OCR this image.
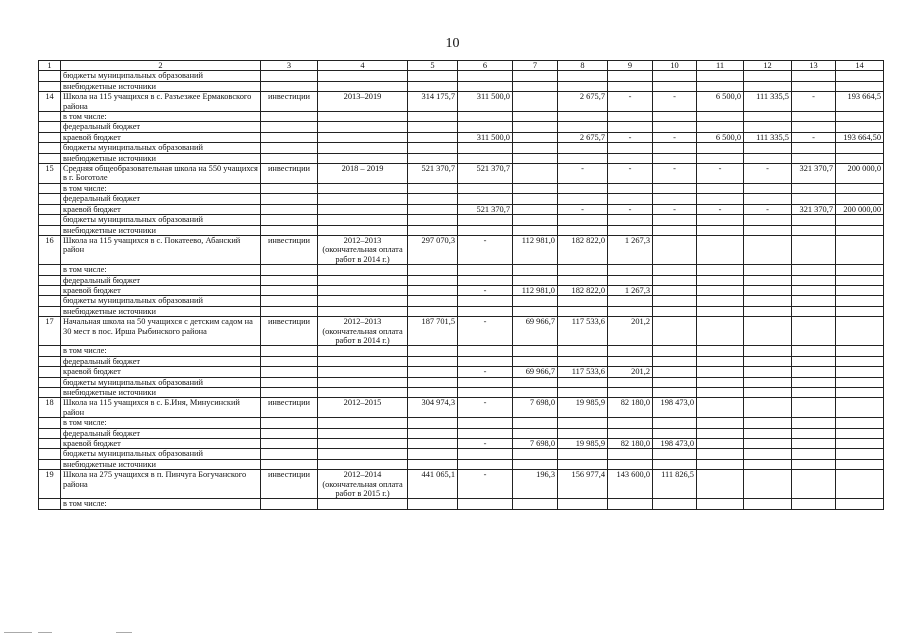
10
1	2	3	4	5	6	7	8	9	10	11	12	13	14
	бюджеты муниципальных образований												
	внебюджетные источники												
14	Школа на 115 учащихся в с. Разъезжее Ермаковского района	инвестиции	2013–2019	314 175,7	311 500,0		2 675,7	-	-	6 500,0	111 335,5	-	193 664,5
	в том числе:												
	федеральный бюджет												
	краевой бюджет				311 500,0		2 675,7	-	-	6 500,0	111 335,5	-	193 664,50
	бюджеты муниципальных образований												
	внебюджетные источники												
15	Средняя общеобразовательная школа на 550 учащихся в г. Боготоле	инвестиции	2018 – 2019	521 370,7	521 370,7		-	-	-	-	-	321 370,7	200 000,0
	в том числе:												
	федеральный бюджет												
	краевой бюджет				521 370,7		-	-	-	-	-	321 370,7	200 000,00
	бюджеты муниципальных образований												
	внебюджетные источники												
16	Школа на 115 учащихся в с. Покатеево, Абанский район	инвестиции	2012–2013 (окончательная оплата работ в 2014 г.)	297 070,3	-	112 981,0	182 822,0	1 267,3					
	в том числе:												
	федеральный бюджет												
	краевой бюджет				-	112 981,0	182 822,0	1 267,3					
	бюджеты муниципальных образований												
	внебюджетные источники												
17	Начальная школа на 50 учащихся с детским садом на 30 мест в пос. Ирша Рыбинского района	инвестиции	2012–2013 (окончательная оплата работ в 2014 г.)	187 701,5	-	69 966,7	117 533,6	201,2					
	в том числе:												
	федеральный бюджет												
	краевой бюджет				-	69 966,7	117 533,6	201,2					
	бюджеты муниципальных образований												
	внебюджетные источники												
18	Школа на 115 учащихся в с. Б.Иня, Минусинский район	инвестиции	2012–2015	304 974,3	-	7 698,0	19 985,9	82 180,0	198 473,0				
	в том числе:												
	федеральный бюджет												
	краевой бюджет				-	7 698,0	19 985,9	82 180,0	198 473,0				
	бюджеты муниципальных образований												
	внебюджетные источники												
19	Школа на 275 учащихся в п. Пинчуга Богучанского района	инвестиции	2012–2014 (окончательная оплата работ в 2015 г.)	441 065,1	-	196,3	156 977,4	143 600,0	111 826,5				
	в том числе:												
